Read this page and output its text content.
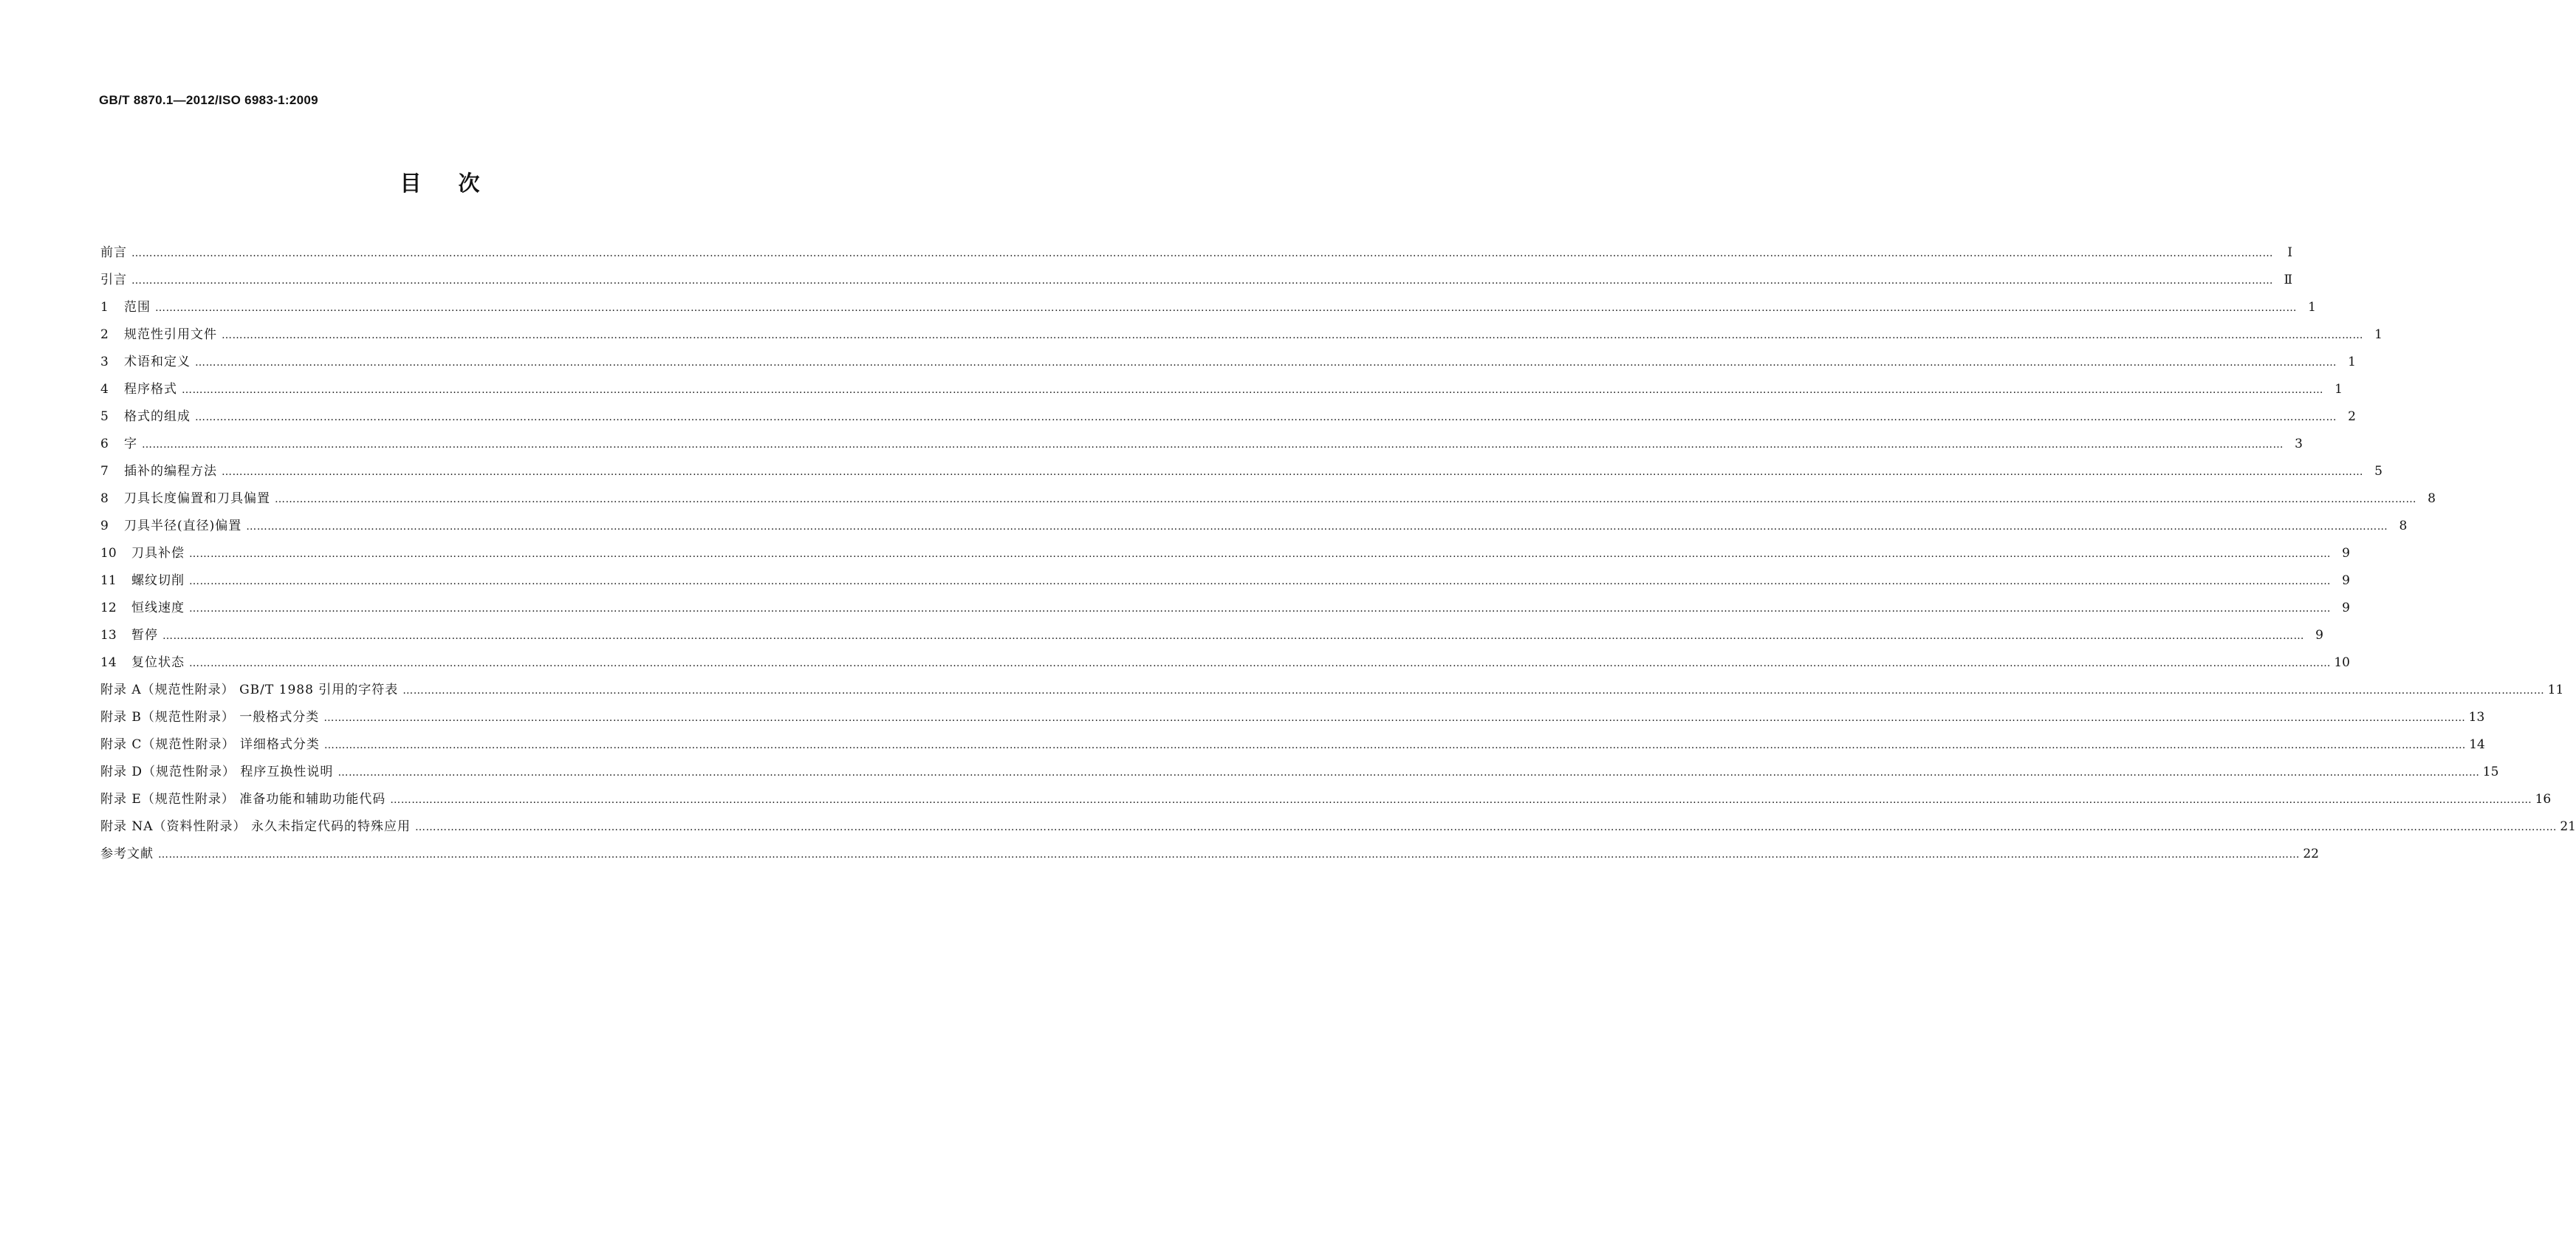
GB/T 8870.1—2012/ISO 6983-1:2009
目次
前言 ……………………………………………………………………………………………………………………………………………………………………………………………………………………………………………………………………………………………………………………………………………………………………………………………………………………………………………………………………………………………………………………………………………………	Ⅰ
引言 …………………………………………………………………………………………………………………………………………………………………………………………………………………………………………………………………………………………………………………………………………………………………………………………………………………………………………………………………………………………………………………………………………………… Ⅱ
1	范围 …………………………………………………………………………………………………………………………………………………………………………………………………………………………………………………………………………………………………………………………………………………………………………………………………………………………………………………………………………………………………………………………………………………… 1
2	规范性引用文件 …………………………………………………………………………………………………………………………………………………………………………………………………………………………………………………………………………………………………………………………………………………………………………………………………………………………………………………………………………………………………………………………………………………… 1
3	术语和定义 …………………………………………………………………………………………………………………………………………………………………………………………………………………………………………………………………………………………………………………………………………………………………………………………………………………………………………………………………………………………………………………………………………………… 1
4	程序格式 …………………………………………………………………………………………………………………………………………………………………………………………………………………………………………………………………………………………………………………………………………………………………………………………………………………………………………………………………………………………………………………………………………………… 1
5	格式的组成 …………………………………………………………………………………………………………………………………………………………………………………………………………………………………………………………………………………………………………………………………………………………………………………………………………………………………………………………………………………………………………………………………………………… 2
6	字 …………………………………………………………………………………………………………………………………………………………………………………………………………………………………………………………………………………………………………………………………………………………………………………………………………………………………………………………………………………………………………………………………………………… 3
7	插补的编程方法 …………………………………………………………………………………………………………………………………………………………………………………………………………………………………………………………………………………………………………………………………………………………………………………………………………………………………………………………………………………………………………………………………………………… 5
8	刀具长度偏置和刀具偏置 …………………………………………………………………………………………………………………………………………………………………………………………………………………………………………………………………………………………………………………………………………………………………………………………………………………………………………………………………………………………………………………………………………………… 8
9	刀具半径(直径)偏置 …………………………………………………………………………………………………………………………………………………………………………………………………………………………………………………………………………………………………………………………………………………………………………………………………………………………………………………………………………………………………………………………………………………… 8
10	刀具补偿 …………………………………………………………………………………………………………………………………………………………………………………………………………………………………………………………………………………………………………………………………………………………………………………………………………………………………………………………………………………………………………………………………………………… 9
11	螺纹切削 …………………………………………………………………………………………………………………………………………………………………………………………………………………………………………………………………………………………………………………………………………………………………………………………………………………………………………………………………………………………………………………………………………………… 9
12	恒线速度 …………………………………………………………………………………………………………………………………………………………………………………………………………………………………………………………………………………………………………………………………………………………………………………………………………………………………………………………………………………………………………………………………………………… 9
13	暂停 …………………………………………………………………………………………………………………………………………………………………………………………………………………………………………………………………………………………………………………………………………………………………………………………………………………………………………………………………………………………………………………………………………………… 9
14	复位状态 …………………………………………………………………………………………………………………………………………………………………………………………………………………………………………………………………………………………………………………………………………………………………………………………………………………………………………………………………………………………………………………………………………………… 10
附录 A（规范性附录） GB/T 1988 引用的字符表 …………………………………………………………………………………………………………………………………………………………………………………………………………………………………………………………………………………………………………………………………………………………………………………………………………………………………………………………………………………………………………………………………………………… 11
附录 B（规范性附录） 一般格式分类 …………………………………………………………………………………………………………………………………………………………………………………………………………………………………………………………………………………………………………………………………………………………………………………………………………………………………………………………………………………………………………………………………………………… 13
附录 C（规范性附录） 详细格式分类 …………………………………………………………………………………………………………………………………………………………………………………………………………………………………………………………………………………………………………………………………………………………………………………………………………………………………………………………………………………………………………………………………………………… 14
附录 D（规范性附录） 程序互换性说明 …………………………………………………………………………………………………………………………………………………………………………………………………………………………………………………………………………………………………………………………………………………………………………………………………………………………………………………………………………………………………………………………………………………… 15
附录 E（规范性附录） 准备功能和辅助功能代码 …………………………………………………………………………………………………………………………………………………………………………………………………………………………………………………………………………………………………………………………………………………………………………………………………………………………………………………………………………………………………………………………………………………… 16
附录 NA（资料性附录） 永久未指定代码的特殊应用 …………………………………………………………………………………………………………………………………………………………………………………………………………………………………………………………………………………………………………………………………………………………………………………………………………………………………………………………………………………………………………………………………………………… 21
参考文献 …………………………………………………………………………………………………………………………………………………………………………………………………………………………………………………………………………………………………………………………………………………………………………………………………………………………………………………………………………………………………………………………………………………… 22
